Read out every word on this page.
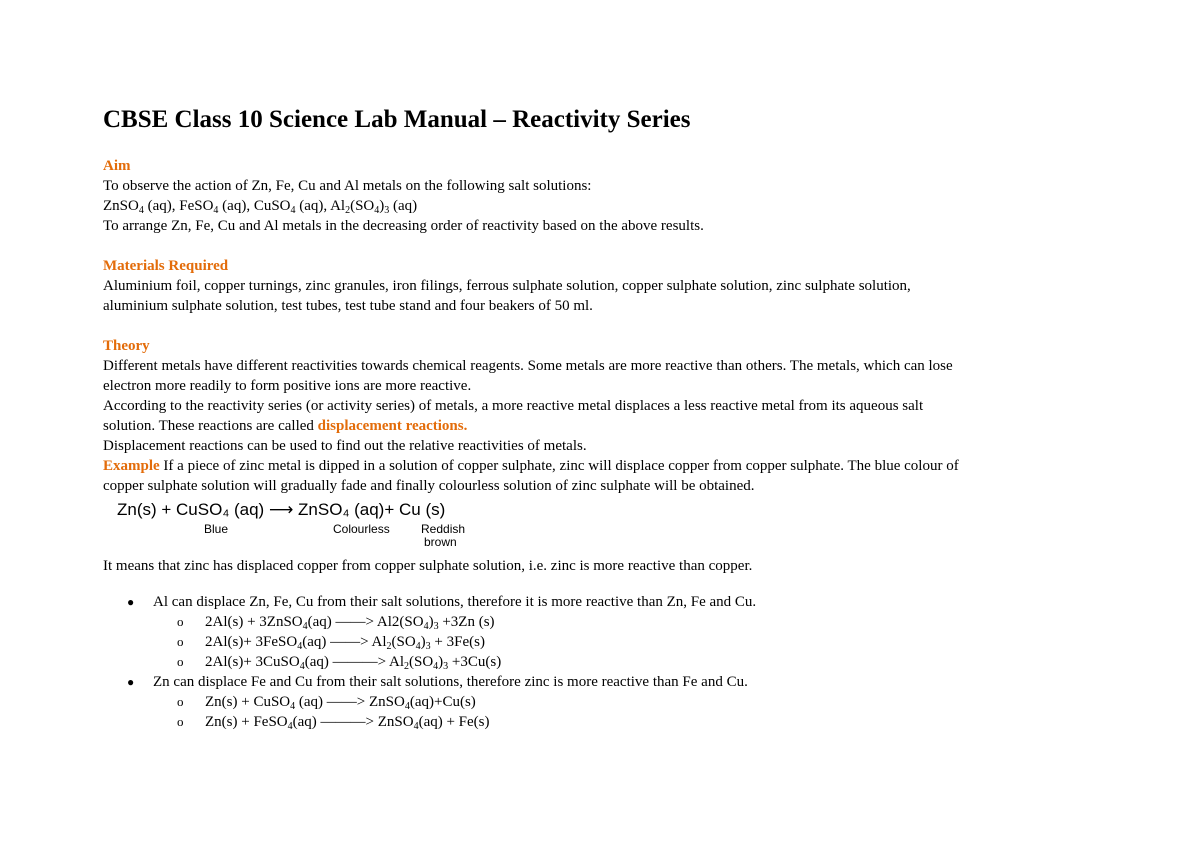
CBSE Class 10 Science Lab Manual – Reactivity Series
Aim
To observe the action of Zn, Fe, Cu and Al metals on the following salt solutions:
ZnSO$_4$ (aq), FeSO$_4$ (aq), CuSO$_4$ (aq), $Al_2(SO_4)_3$ (aq)
To arrange Zn, Fe, Cu and Al metals in the decreasing order of reactivity based on the above results.
Materials Required
Aluminium foil, copper turnings, zinc granules, iron filings, ferrous sulphate solution, copper sulphate solution, zinc sulphate solution,
aluminium sulphate solution, test tubes, test tube stand and four beakers of 50 ml.
Theory
Different metals have different reactivities towards chemical reagents. Some metals are more reactive than others. The metals, which can lose
electron more readily to form positive ions are more reactive.
According to the reactivity series (or activity series) of metals, a more reactive metal displaces a less reactive metal from its aqueous salt
solution. These reactions are called displacement reactions.
Displacement reactions can be used to find out the relative reactivities of metals.
Example If a piece of zinc metal is dipped in a solution of copper sulphate, zinc will displace copper from copper sulphate. The blue colour of
copper sulphate solution will gradually fade and finally colourless solution of zinc sulphate will be obtained.
Zn(s) + CuSO₄ (aq) ⟶ ZnSO₄ (aq)+ Cu (s)
Blue	Colourless	Reddish
brown
It means that zinc has displaced copper from copper sulphate solution, i.e. zinc is more reactive than copper.
● Al can displace Zn, Fe, Cu from their salt solutions, therefore it is more reactive than Zn, Fe and Cu.
o 2Al(s) + 3ZnSO$_4$(aq) ——> $Al2(SO_4)_3 +3Zn$ (s)
o 2Al(s)+ 3FeSO$_4$(aq) ——> $Al_2(SO_4)_3 + 3Fe(s)$
o 2Al(s)+ 3CuSO$_4$(aq) ———> $Al_2(SO_4)_3 +3Cu(s)$
● Zn can displace Fe and Cu from their salt solutions, therefore zinc is more reactive than Fe and Cu.
o Zn(s) + CuSO$_4$ (aq) ——> ZnSO$_4$(aq)+Cu(s)
o Zn(s) + FeSO$_4$(aq) ———> ZnSO$_4$(aq) + Fe(s)
